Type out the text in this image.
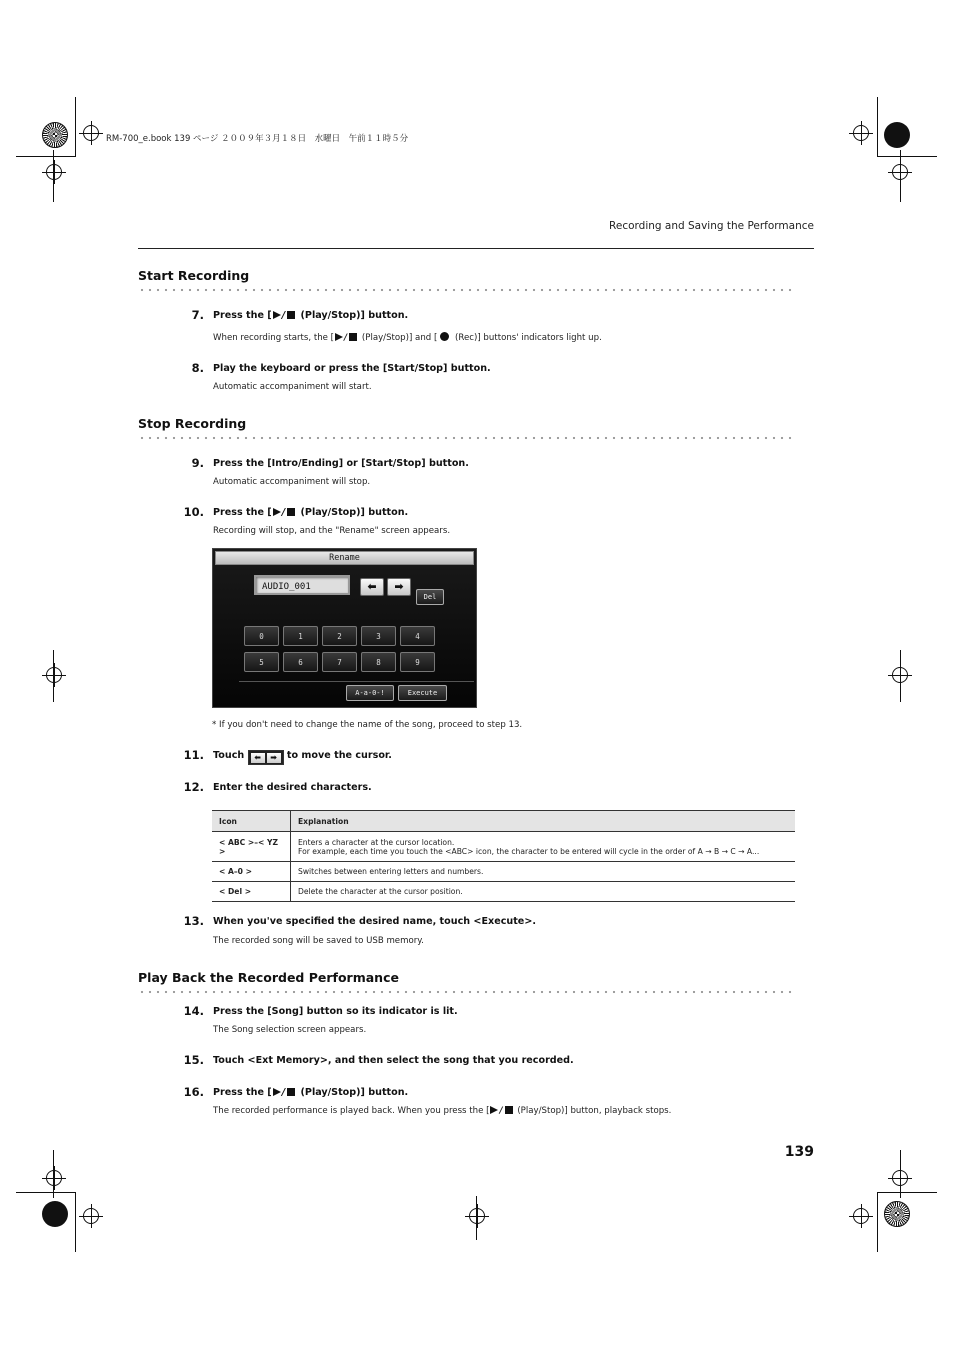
RM-700_e.book 139 ページ ２００９年３月１８日　水曜日　午前１１時５分
Recording and Saving the Performance
Start Recording
7. Press the [ / (Play/Stop)] button.
When recording starts, the [ / (Play/Stop)] and [ (Rec)] buttons' indicators light up.
8. Play the keyboard or press the [Start/Stop] button.
Automatic accompaniment will start.
Stop Recording
9. Press the [Intro/Ending] or [Start/Stop] button.
Automatic accompaniment will stop.
10. Press the [ / (Play/Stop)] button.
Recording will stop, and the "Rename" screen appears.
Rename
AUDIO_001	⬅	➡
Del
0	1	2	3	4
5	6	7	8	9
A-a-0-!	Execute
* If you don't need to change the name of the song, proceed to step 13.
11. Touch ⬅ ➡ to move the cursor.
12. Enter the desired characters.
Icon	Explanation
< ABC >–< YZ >	Enters a character at the cursor location.
For example, each time you touch the <ABC> icon, the character to be entered will cycle in the order of A → B → C → A...

< A–0 >	Switches between entering letters and numbers.
< Del >	Delete the character at the cursor position.
13. When you've specified the desired name, touch <Execute>.
The recorded song will be saved to USB memory.
Play Back the Recorded Performance
14. Press the [Song] button so its indicator is lit.
The Song selection screen appears.
15. Touch <Ext Memory>, and then select the song that you recorded.
16. Press the [ / (Play/Stop)] button.
The recorded performance is played back. When you press the [ / (Play/Stop)] button, playback stops.
139
